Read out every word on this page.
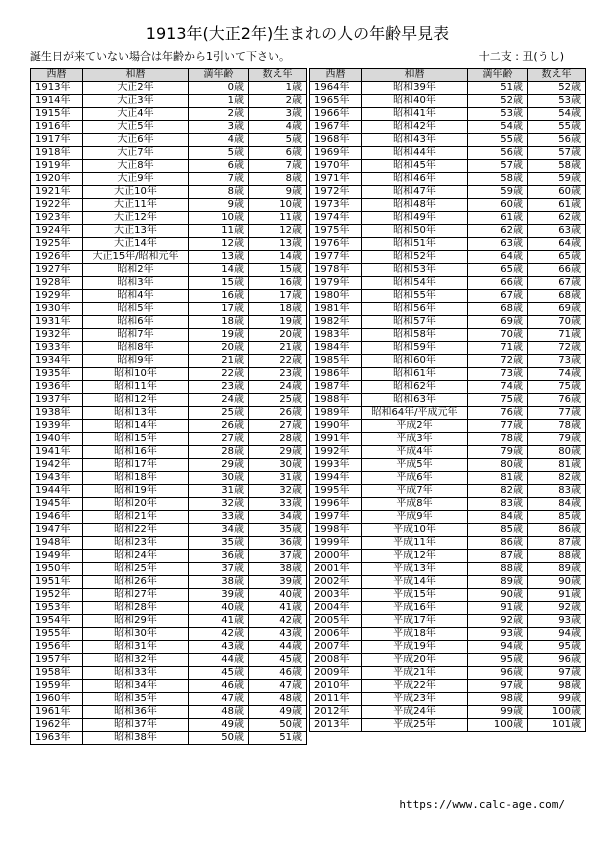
1913年(大正2年)生まれの人の年齢早見表
誕生日が来ていない場合は年齢から1引いて下さい。	十二支 : 丑(うし)
西暦	和暦	満年齢	数え年
1913年	大正2年	0歳	1歳
1914年	大正3年	1歳	2歳
1915年	大正4年	2歳	3歳
1916年	大正5年	3歳	4歳
1917年	大正6年	4歳	5歳
1918年	大正7年	5歳	6歳
1919年	大正8年	6歳	7歳
1920年	大正9年	7歳	8歳
1921年	大正10年	8歳	9歳
1922年	大正11年	9歳	10歳
1923年	大正12年	10歳	11歳
1924年	大正13年	11歳	12歳
1925年	大正14年	12歳	13歳
1926年	大正15年/昭和元年	13歳	14歳
1927年	昭和2年	14歳	15歳
1928年	昭和3年	15歳	16歳
1929年	昭和4年	16歳	17歳
1930年	昭和5年	17歳	18歳
1931年	昭和6年	18歳	19歳
1932年	昭和7年	19歳	20歳
1933年	昭和8年	20歳	21歳
1934年	昭和9年	21歳	22歳
1935年	昭和10年	22歳	23歳
1936年	昭和11年	23歳	24歳
1937年	昭和12年	24歳	25歳
1938年	昭和13年	25歳	26歳
1939年	昭和14年	26歳	27歳
1940年	昭和15年	27歳	28歳
1941年	昭和16年	28歳	29歳
1942年	昭和17年	29歳	30歳
1943年	昭和18年	30歳	31歳
1944年	昭和19年	31歳	32歳
1945年	昭和20年	32歳	33歳
1946年	昭和21年	33歳	34歳
1947年	昭和22年	34歳	35歳
1948年	昭和23年	35歳	36歳
1949年	昭和24年	36歳	37歳
1950年	昭和25年	37歳	38歳
1951年	昭和26年	38歳	39歳
1952年	昭和27年	39歳	40歳
1953年	昭和28年	40歳	41歳
1954年	昭和29年	41歳	42歳
1955年	昭和30年	42歳	43歳
1956年	昭和31年	43歳	44歳
1957年	昭和32年	44歳	45歳
1958年	昭和33年	45歳	46歳
1959年	昭和34年	46歳	47歳
1960年	昭和35年	47歳	48歳
1961年	昭和36年	48歳	49歳
1962年	昭和37年	49歳	50歳
1963年	昭和38年	50歳	51歳
西暦	和暦	満年齢	数え年
1964年	昭和39年	51歳	52歳
1965年	昭和40年	52歳	53歳
1966年	昭和41年	53歳	54歳
1967年	昭和42年	54歳	55歳
1968年	昭和43年	55歳	56歳
1969年	昭和44年	56歳	57歳
1970年	昭和45年	57歳	58歳
1971年	昭和46年	58歳	59歳
1972年	昭和47年	59歳	60歳
1973年	昭和48年	60歳	61歳
1974年	昭和49年	61歳	62歳
1975年	昭和50年	62歳	63歳
1976年	昭和51年	63歳	64歳
1977年	昭和52年	64歳	65歳
1978年	昭和53年	65歳	66歳
1979年	昭和54年	66歳	67歳
1980年	昭和55年	67歳	68歳
1981年	昭和56年	68歳	69歳
1982年	昭和57年	69歳	70歳
1983年	昭和58年	70歳	71歳
1984年	昭和59年	71歳	72歳
1985年	昭和60年	72歳	73歳
1986年	昭和61年	73歳	74歳
1987年	昭和62年	74歳	75歳
1988年	昭和63年	75歳	76歳
1989年	昭和64年/平成元年	76歳	77歳
1990年	平成2年	77歳	78歳
1991年	平成3年	78歳	79歳
1992年	平成4年	79歳	80歳
1993年	平成5年	80歳	81歳
1994年	平成6年	81歳	82歳
1995年	平成7年	82歳	83歳
1996年	平成8年	83歳	84歳
1997年	平成9年	84歳	85歳
1998年	平成10年	85歳	86歳
1999年	平成11年	86歳	87歳
2000年	平成12年	87歳	88歳
2001年	平成13年	88歳	89歳
2002年	平成14年	89歳	90歳
2003年	平成15年	90歳	91歳
2004年	平成16年	91歳	92歳
2005年	平成17年	92歳	93歳
2006年	平成18年	93歳	94歳
2007年	平成19年	94歳	95歳
2008年	平成20年	95歳	96歳
2009年	平成21年	96歳	97歳
2010年	平成22年	97歳	98歳
2011年	平成23年	98歳	99歳
2012年	平成24年	99歳	100歳
2013年	平成25年	100歳	101歳
https://www.calc-age.com/
